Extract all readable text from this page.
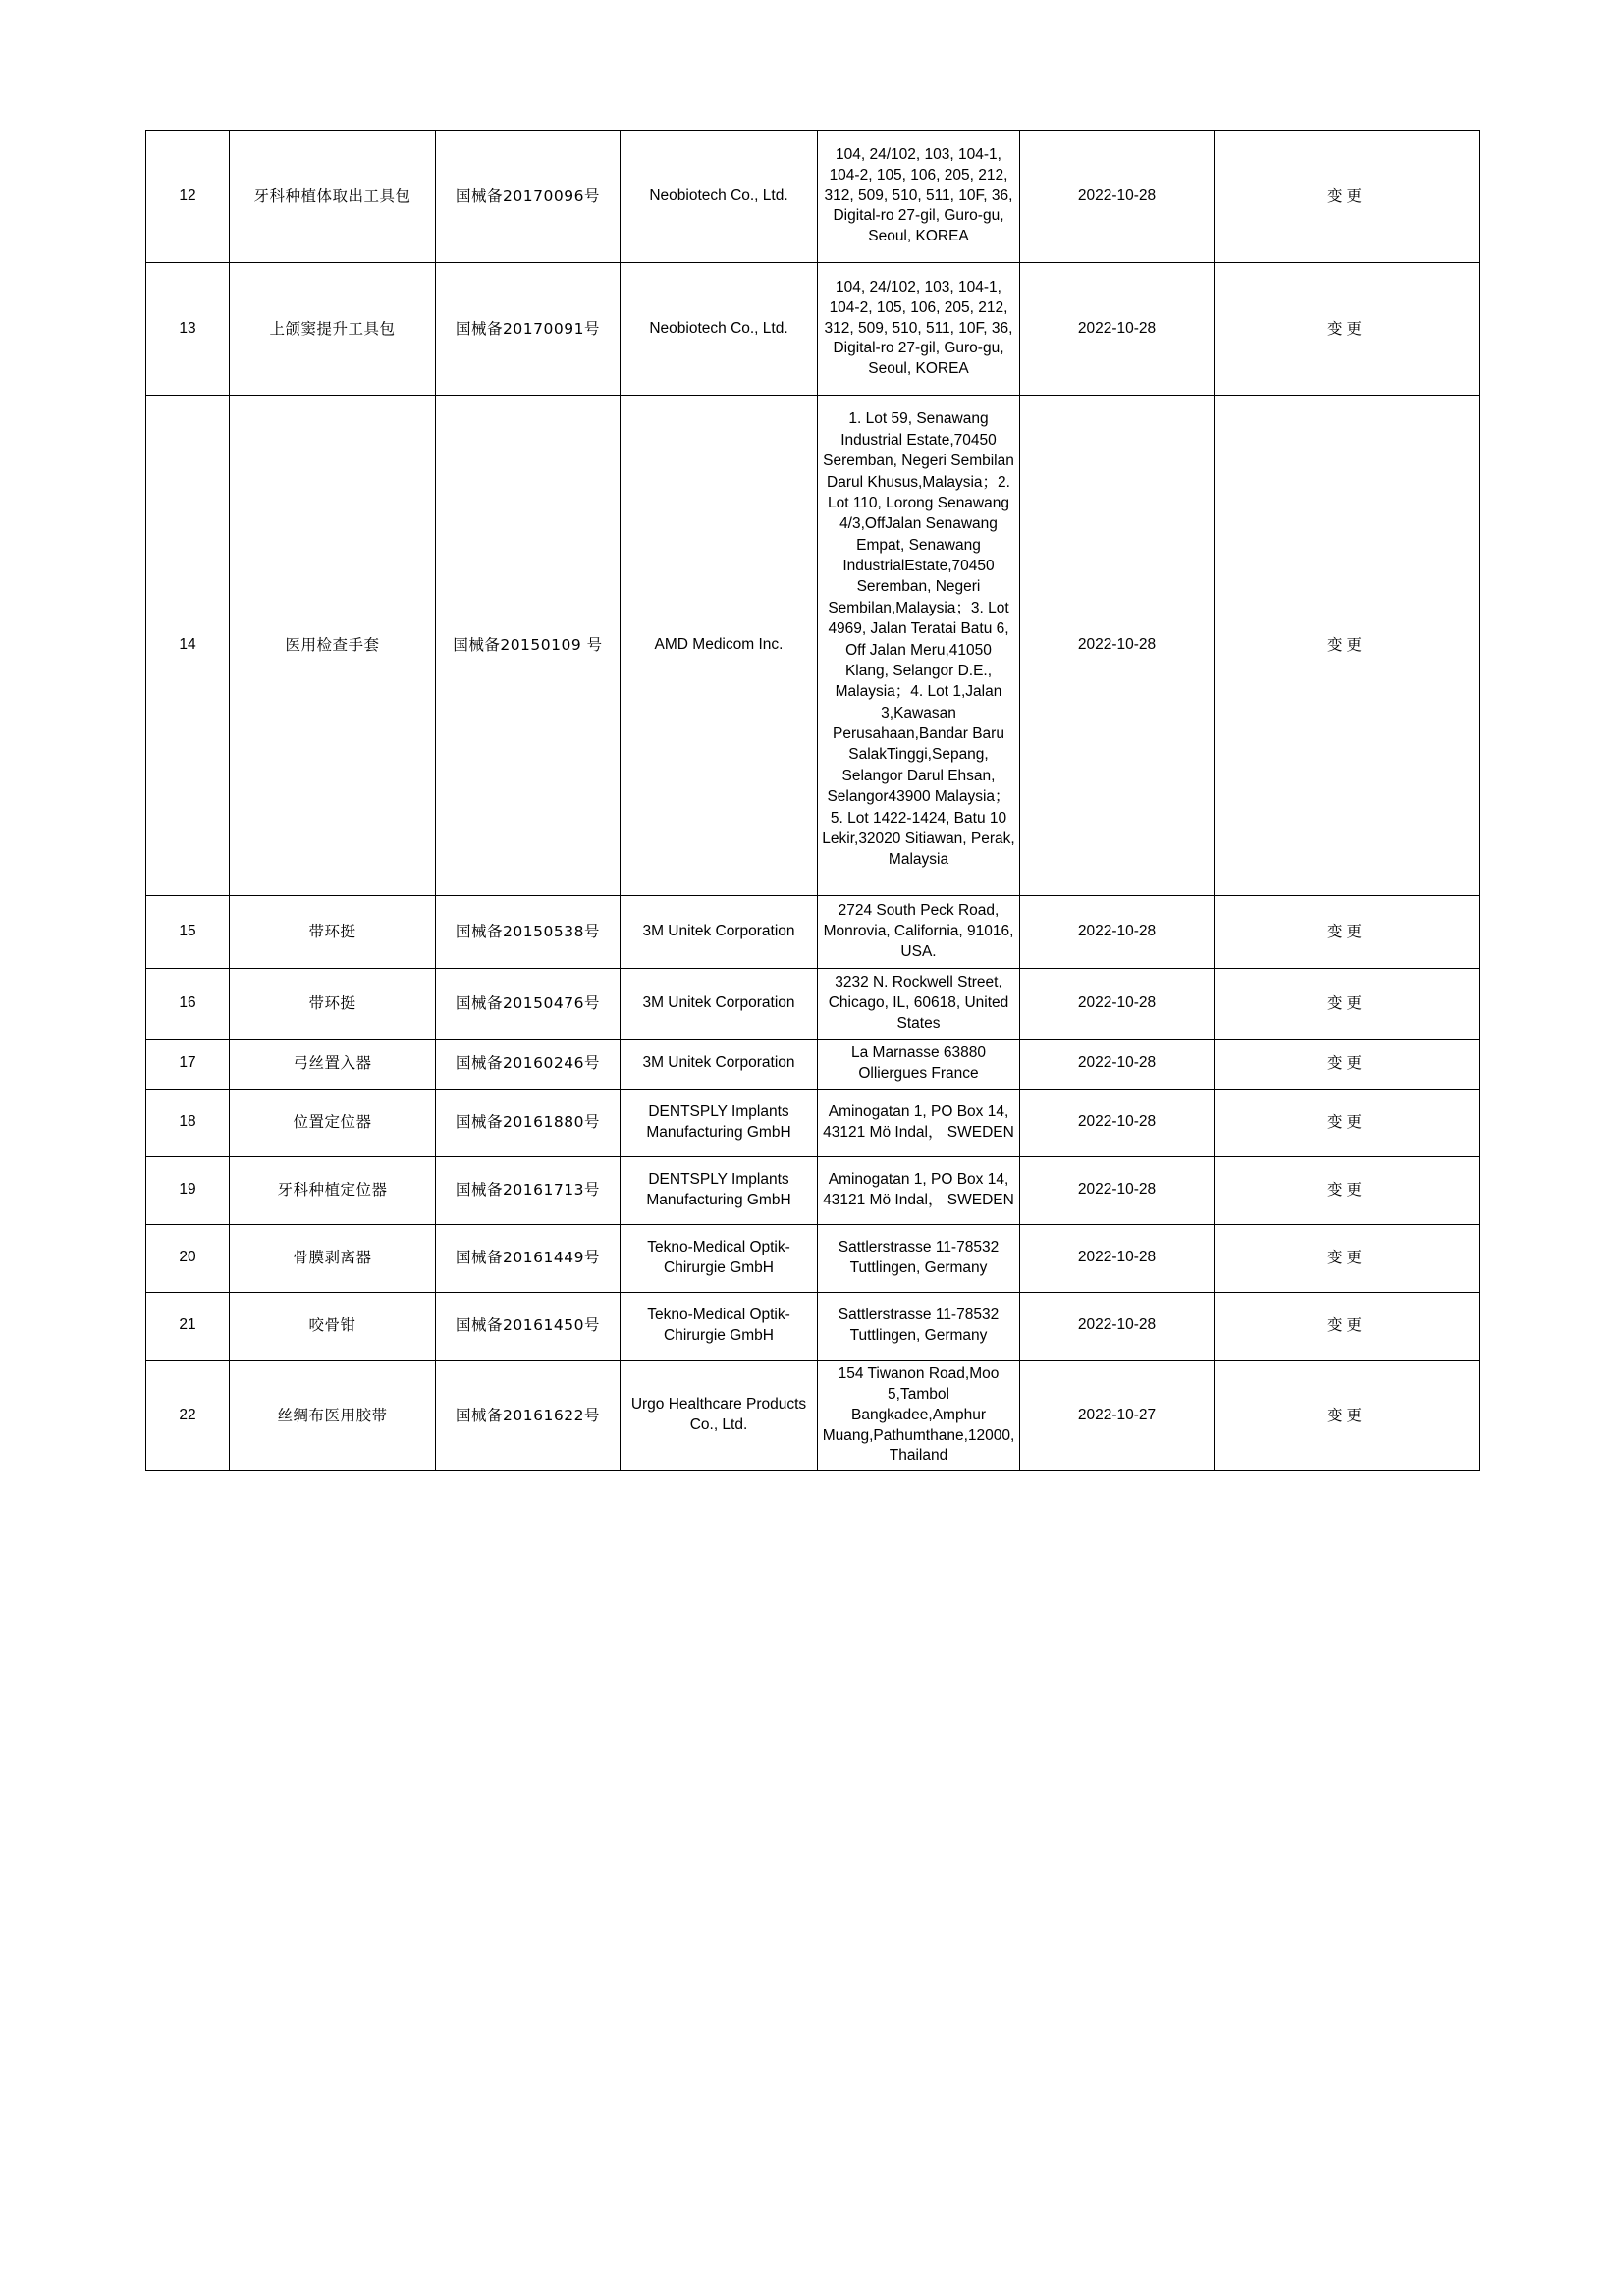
12	牙科种植体取出工具包	国械备20170096号	Neobiotech Co., Ltd.	104, 24/102, 103, 104-1, 104-2, 105, 106, 205, 212, 312, 509, 510, 511, 10F, 36, Digital-ro 27-gil, Guro-gu, Seoul, KOREA	2022-10-28	变更
13	上颌窦提升工具包	国械备20170091号	Neobiotech Co., Ltd.	104, 24/102, 103, 104-1, 104-2, 105, 106, 205, 212, 312, 509, 510, 511, 10F, 36, Digital-ro 27-gil, Guro-gu, Seoul, KOREA	2022-10-28	变更
14	医用检查手套	国械备20150109 号	AMD Medicom Inc.	1. Lot 59, Senawang Industrial Estate,70450 Seremban, Negeri Sembilan Darul Khusus,Malaysia；2. Lot 110, Lorong Senawang 4/3,OffJalan Senawang Empat, Senawang IndustrialEstate,70450 Seremban, Negeri Sembilan,Malaysia；3. Lot 4969, Jalan Teratai Batu 6, Off Jalan Meru,41050 Klang, Selangor D.E., Malaysia；4. Lot 1,Jalan 3,Kawasan Perusahaan,Bandar Baru SalakTinggi,Sepang, Selangor Darul Ehsan, Selangor43900 Malaysia；5. Lot 1422-1424, Batu 10 Lekir,32020 Sitiawan, Perak, Malaysia	2022-10-28	变更
15	带环挺	国械备20150538号	3M Unitek Corporation	2724 South Peck Road, Monrovia, California, 91016, USA.	2022-10-28	变更
16	带环挺	国械备20150476号	3M Unitek Corporation	3232 N. Rockwell Street, Chicago, IL, 60618, United States	2022-10-28	变更
17	弓丝置入器	国械备20160246号	3M Unitek Corporation	La Marnasse 63880 Olliergues France	2022-10-28	变更
18	位置定位器	国械备20161880号	DENTSPLY Implants Manufacturing GmbH	Aminogatan 1, PO Box 14, 43121 Mö Indal， SWEDEN	2022-10-28	变更
19	牙科种植定位器	国械备20161713号	DENTSPLY Implants Manufacturing GmbH	Aminogatan 1, PO Box 14, 43121 Mö Indal， SWEDEN	2022-10-28	变更
20	骨膜剥离器	国械备20161449号	Tekno-Medical Optik-Chirurgie GmbH	Sattlerstrasse 11-78532 Tuttlingen, Germany	2022-10-28	变更
21	咬骨钳	国械备20161450号	Tekno-Medical Optik-Chirurgie GmbH	Sattlerstrasse 11-78532 Tuttlingen, Germany	2022-10-28	变更
22	丝绸布医用胶带	国械备20161622号	Urgo Healthcare Products Co., Ltd.	154 Tiwanon Road,Moo 5,Tambol Bangkadee,Amphur Muang,Pathumthane,12000,Thailand	2022-10-27	变更
